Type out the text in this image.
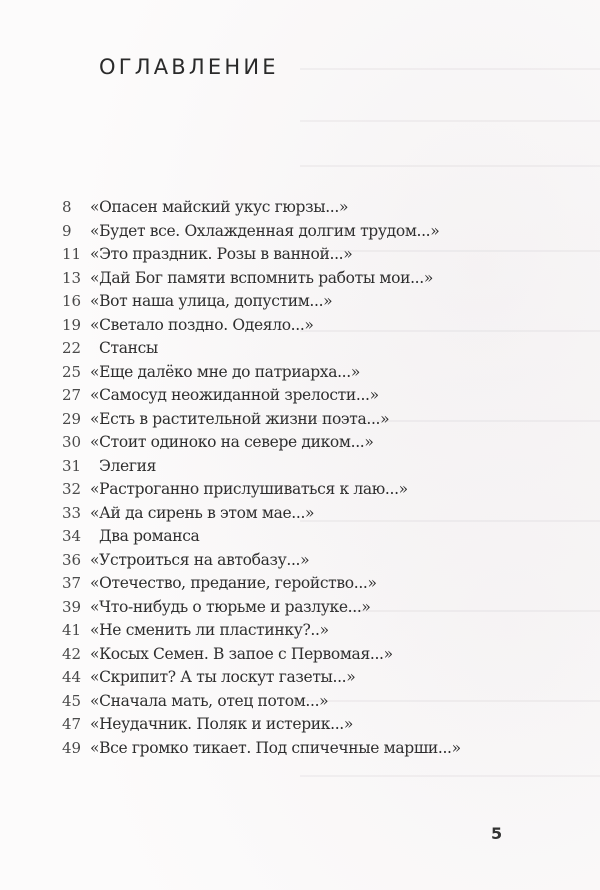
ОГЛАВЛЕНИЕ
8	«Опасен майский укус гюрзы...»
9	«Будет все. Охлажденная долгим трудом...»
11 «Это праздник. Розы в ванной...»
13 «Дай Бог памяти вспомнить работы мои...»
16 «Вот наша улица, допустим...»
19 «Светало поздно. Одеяло...»
22	Стансы
25 «Еще далёко мне до патриарха...»
27 «Самосуд неожиданной зрелости...»
29 «Есть в растительной жизни поэта...»
30 «Стоит одиноко на севере диком...»
31	Элегия
32 «Растроганно прислушиваться к лаю...»
33 «Ай да сирень в этом мае...»
34	Два романса
36 «Устроиться на автобазу...»
37 «Отечество, предание, геройство...»
39 «Что-нибудь о тюрьме и разлуке...»
41 «Не сменить ли пластинку?..»
42 «Косых Семен. В запое с Первомая...»
44 «Скрипит? А ты лоскут газеты...»
45 «Сначала мать, отец потом...»
47 «Неудачник. Поляк и истерик...»
49 «Все громко тикает. Под спичечные марши...»
5
